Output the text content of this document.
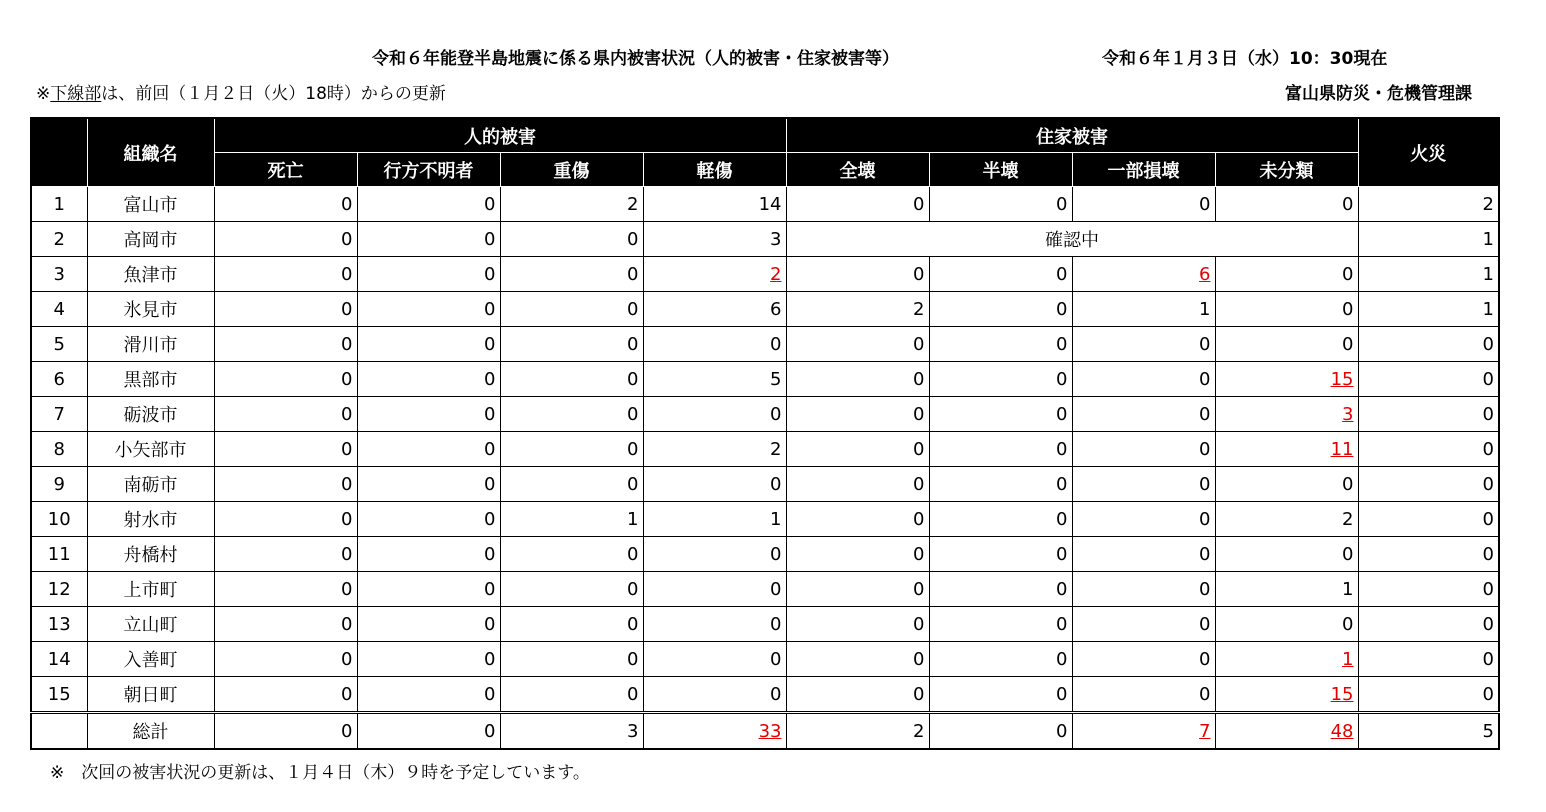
令和６年能登半島地震に係る県内被害状況（人的被害・住家被害等）	令和６年１月３日（水）10：30現在
※下線部は、前回（１月２日（火）18時）からの更新	富山県防災・危機管理課
	組織名	人的被害				住家被害				火災
		死亡	行方不明者	重傷	軽傷	全壊	半壊	一部損壊	未分類	
1	富山市	0	0	2	14	0	0	0	0	2
2	高岡市	0	0	0	3	確認中				1
3	魚津市	0	0	0	2	0	0	6	0	1
4	氷見市	0	0	0	6	2	0	1	0	1
5	滑川市	0	0	0	0	0	0	0	0	0
6	黒部市	0	0	0	5	0	0	0	15	0
7	砺波市	0	0	0	0	0	0	0	3	0
8	小矢部市	0	0	0	2	0	0	0	11	0
9	南砺市	0	0	0	0	0	0	0	0	0
10	射水市	0	0	1	1	0	0	0	2	0
11	舟橋村	0	0	0	0	0	0	0	0	0
12	上市町	0	0	0	0	0	0	0	1	0
13	立山町	0	0	0	0	0	0	0	0	0
14	入善町	0	0	0	0	0	0	0	1	0
15	朝日町	0	0	0	0	0	0	0	15	0
	総計	0	0	3	33	2	0	7	48	5
※　次回の被害状況の更新は、１月４日（木）９時を予定しています。
